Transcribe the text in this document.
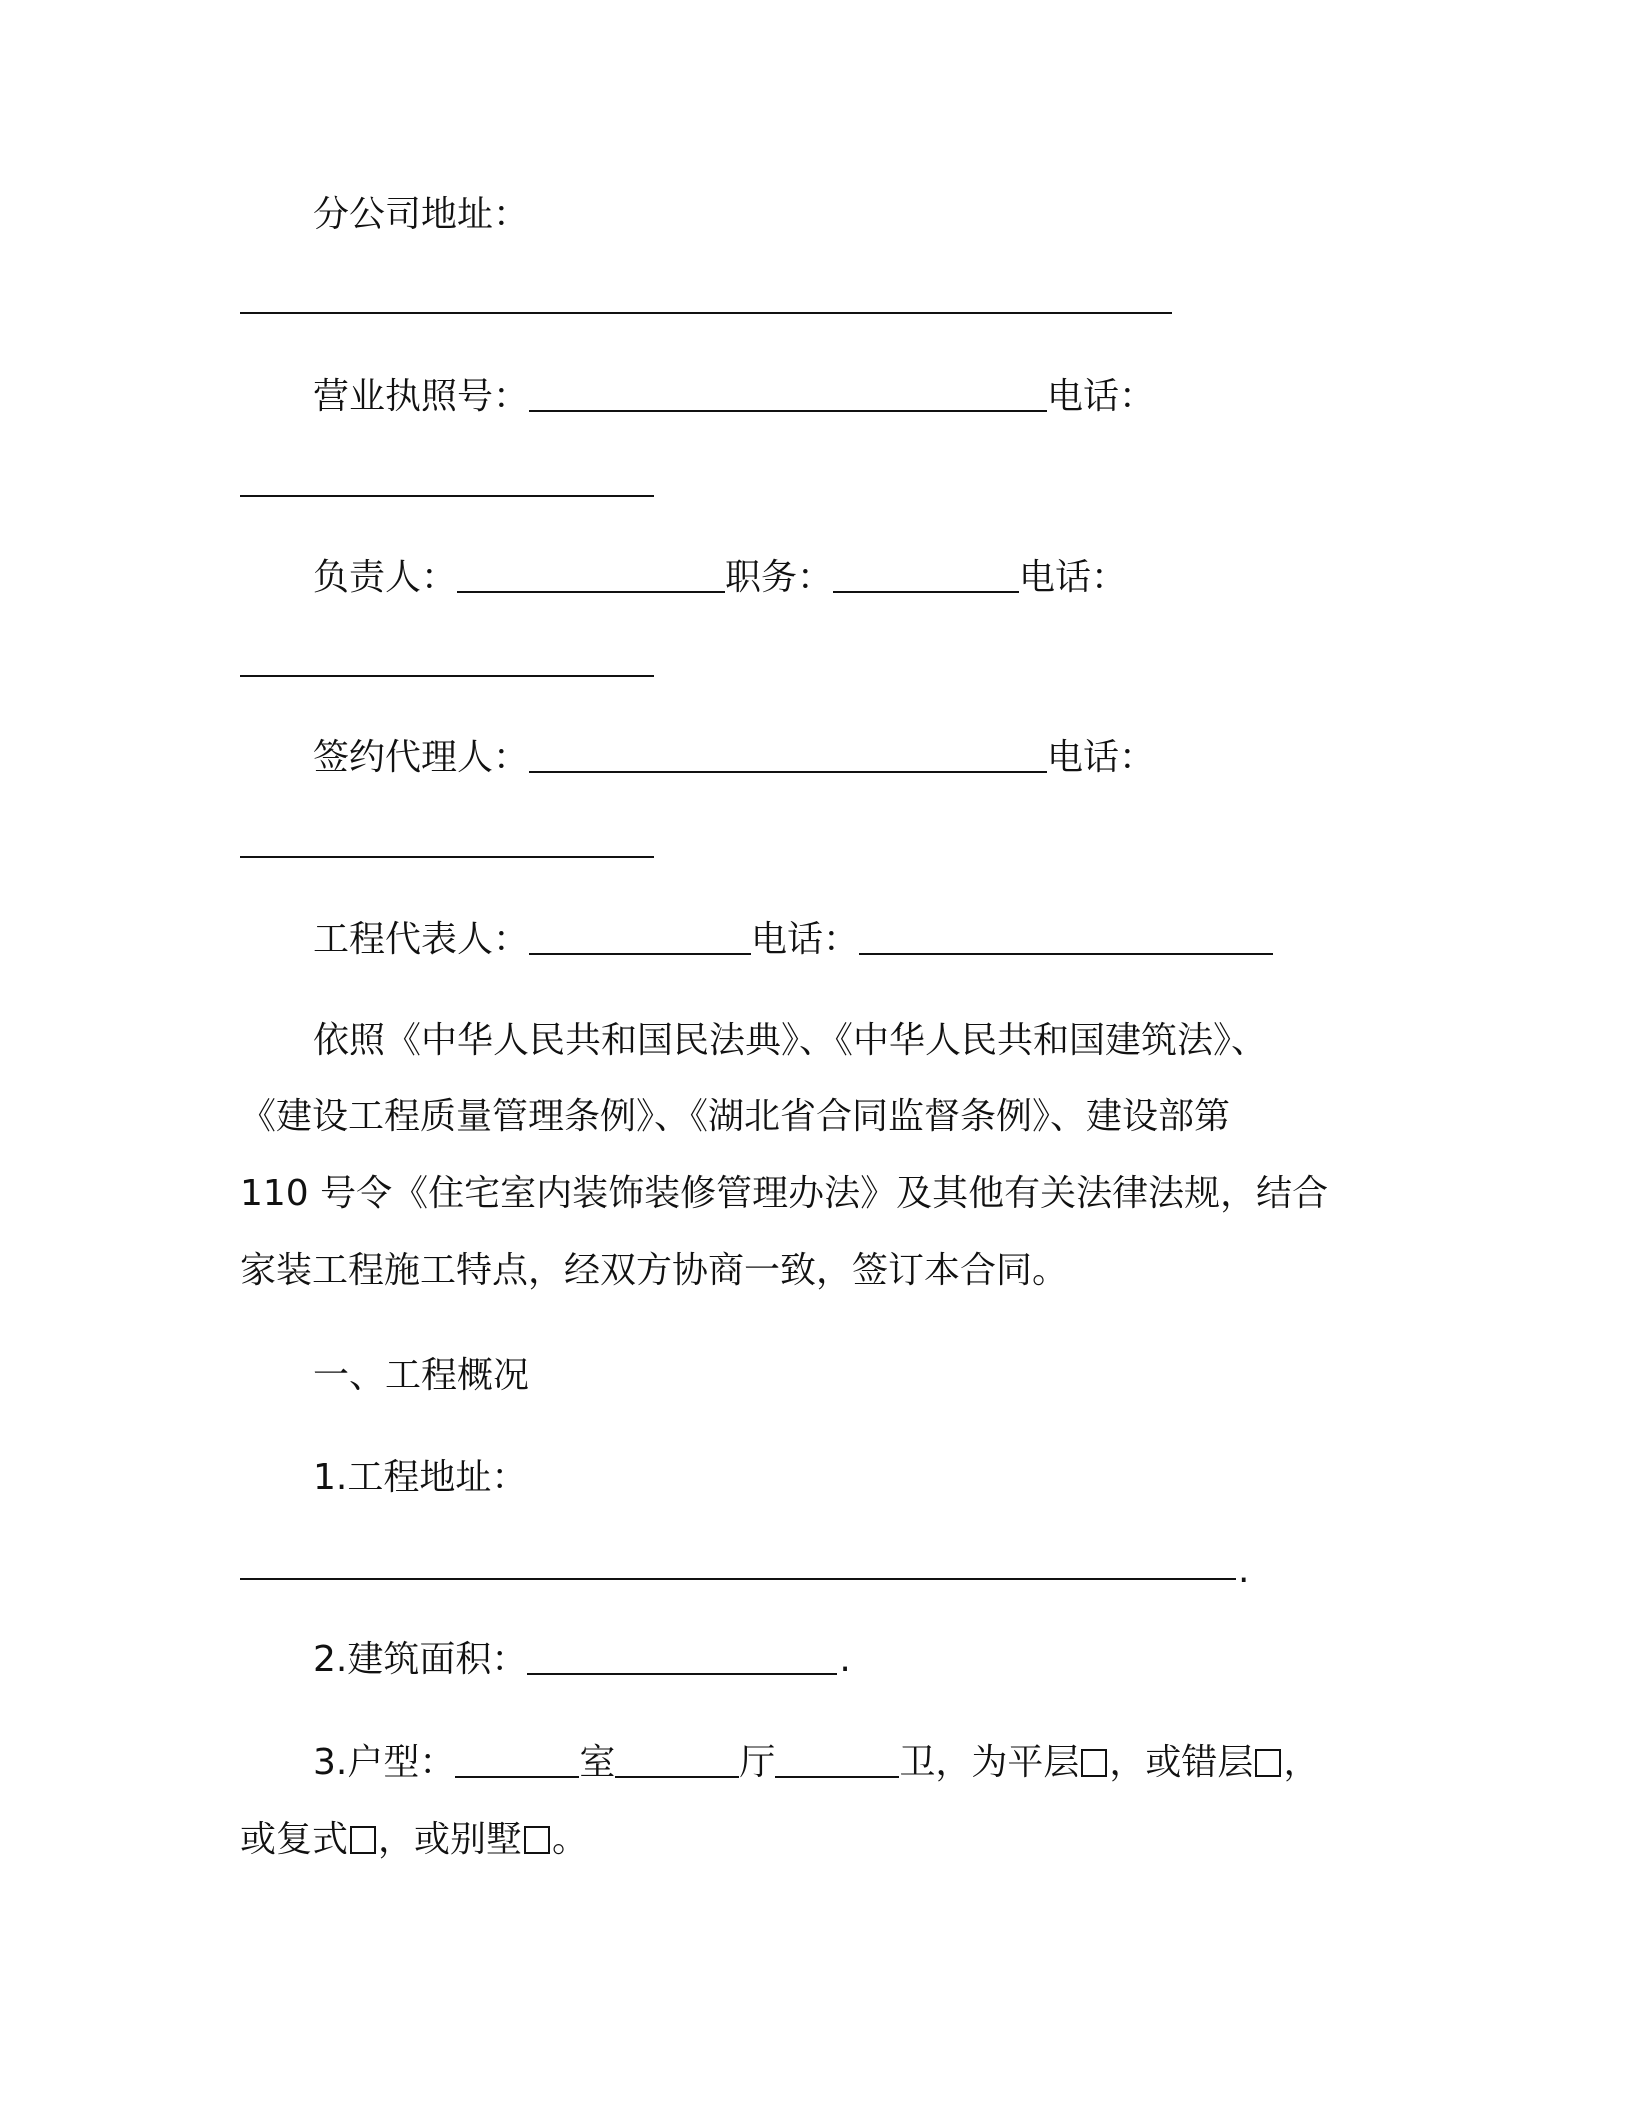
分公司地址：
营业执照号：	电话：
负责人：	职务：	电话：
签约代理人：	电话：
工程代表人：	电话：
依照《中华人民共和国民法典》、《中华人民共和国建筑法》、
《建设工程质量管理条例》、《湖北省合同监督条例》、建设部第
110 号令《住宅室内装饰装修管理办法》及其他有关法律法规，结合
家装工程施工特点，经双方协商一致，签订本合同。
一、工程概况
1.工程地址：
.
2.建筑面积：	.
3.户型：	室	厅	卫，为平层 ，或错层 ，
或复式 ，或别墅 。
